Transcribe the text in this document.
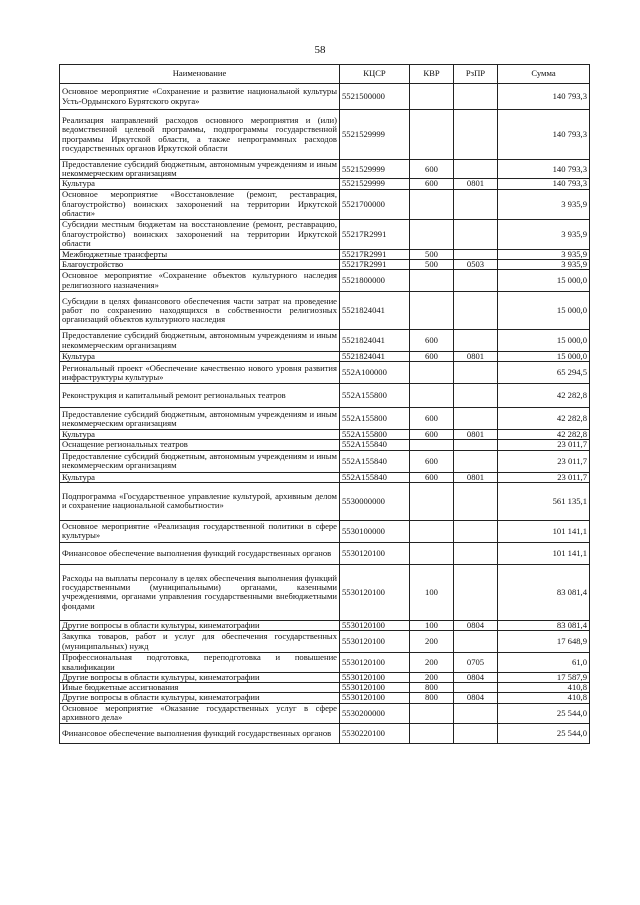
58
Наименование	КЦСР	КВР	РзПР	Сумма
Основное мероприятие «Сохранение и развитие национальной культуры Усть-Ордынского Бурятского округа»	5521500000			140 793,3
Реализация направлений расходов основного мероприятия и (или) ведомственной целевой программы, подпрограммы государственной программы Иркутской области, а также непрограммных расходов государственных органов Иркутской области	5521529999			140 793,3
Предоставление субсидий бюджетным, автономным учреждениям и иным некоммерческим организациям	5521529999	600		140 793,3
Культура	5521529999	600	0801	140 793,3
Основное мероприятие «Восстановление (ремонт, реставрация, благоустройство) воинских захоронений на территории Иркутской области»	5521700000			3 935,9
Субсидии местным бюджетам на восстановление (ремонт, реставрацию, благоустройство) воинских захоронений на территории Иркутской области	55217R2991			3 935,9
Межбюджетные трансферты	55217R2991	500		3 935,9
Благоустройство	55217R2991	500	0503	3 935,9
Основное мероприятие «Сохранение объектов культурного наследия религиозного назначения»	5521800000			15 000,0
Субсидии в целях финансового обеспечения части затрат на проведение работ по сохранению находящихся в собственности религиозных организаций объектов культурного наследия	5521824041			15 000,0
Предоставление субсидий бюджетным, автономным учреждениям и иным некоммерческим организациям	5521824041	600		15 000,0
Культура	5521824041	600	0801	15 000,0
Региональный проект «Обеспечение качественно нового уровня развития инфраструктуры культуры»	552A100000			65 294,5
Реконструкция и капитальный ремонт региональных театров	552A155800			42 282,8
Предоставление субсидий бюджетным, автономным учреждениям и иным некоммерческим организациям	552A155800	600		42 282,8
Культура	552A155800	600	0801	42 282,8
Оснащение региональных театров	552A155840			23 011,7
Предоставление субсидий бюджетным, автономным учреждениям и иным некоммерческим организациям	552A155840	600		23 011,7
Культура	552A155840	600	0801	23 011,7
Подпрограмма «Государственное управление культурой, архивным делом и сохранение национальной самобытности»	5530000000			561 135,1
Основное мероприятие «Реализация государственной политики в сфере культуры»	5530100000			101 141,1
Финансовое обеспечение выполнения функций государственных органов	5530120100			101 141,1
Расходы на выплаты персоналу в целях обеспечения выполнения функций государственными (муниципальными) органами, казенными учреждениями, органами управления государственными внебюджетными фондами	5530120100	100		83 081,4
Другие вопросы в области культуры, кинематографии	5530120100	100	0804	83 081,4
Закупка товаров, работ и услуг для обеспечения государственных (муниципальных) нужд	5530120100	200		17 648,9
Профессиональная подготовка, переподготовка и повышение квалификации	5530120100	200	0705	61,0
Другие вопросы в области культуры, кинематографии	5530120100	200	0804	17 587,9
Иные бюджетные ассигнования	5530120100	800		410,8
Другие вопросы в области культуры, кинематографии	5530120100	800	0804	410,8
Основное мероприятие «Оказание государственных услуг в сфере архивного дела»	5530200000			25 544,0
Финансовое обеспечение выполнения функций государственных органов	5530220100			25 544,0
